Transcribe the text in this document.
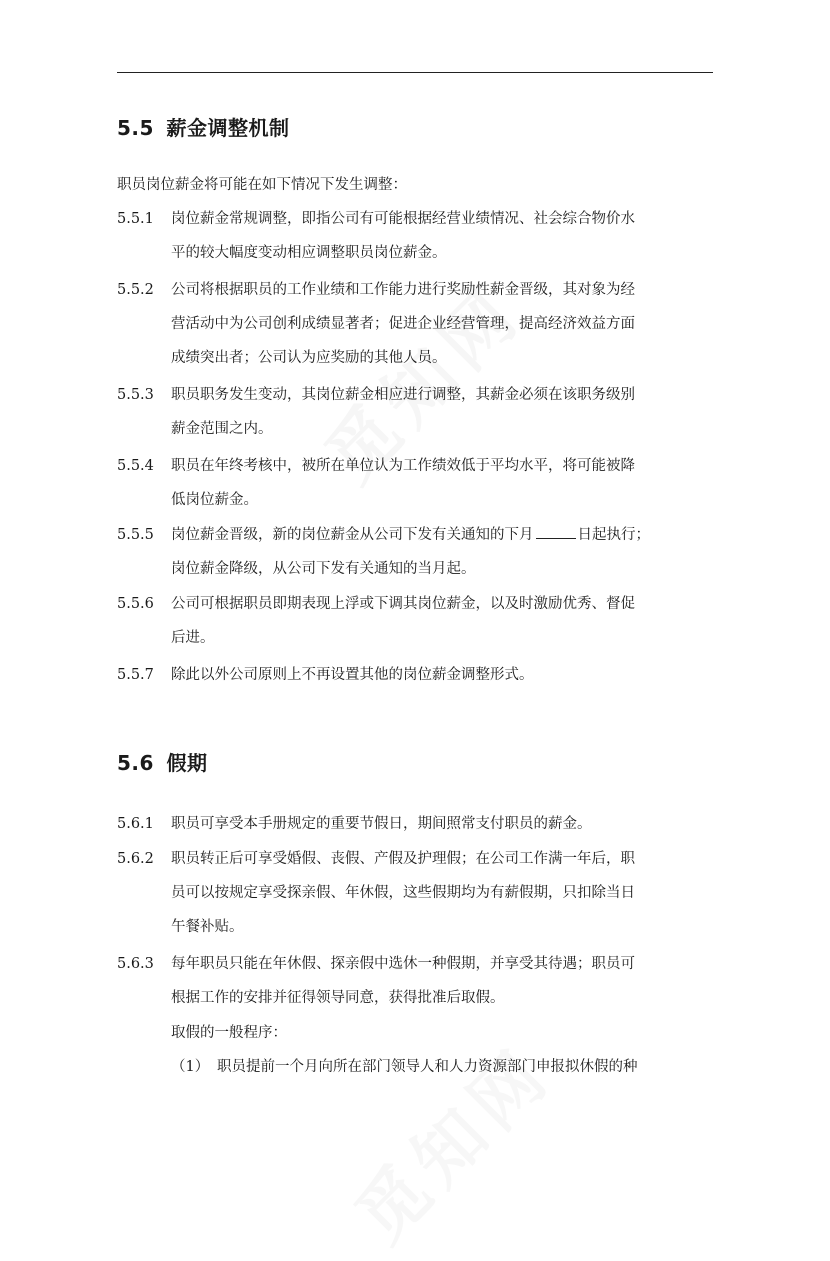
5.5 薪金调整机制
职员岗位薪金将可能在如下情况下发生调整：
5.5.1	岗位薪金常规调整，即指公司有可能根据经营业绩情况、社会综合物价水
平的较大幅度变动相应调整职员岗位薪金。
5.5.2	公司将根据职员的工作业绩和工作能力进行奖励性薪金晋级，其对象为经
营活动中为公司创利成绩显著者；促进企业经营管理，提高经济效益方面
成绩突出者；公司认为应奖励的其他人员。
5.5.3	职员职务发生变动，其岗位薪金相应进行调整，其薪金必须在该职务级别
薪金范围之内。
5.5.4	职员在年终考核中，被所在单位认为工作绩效低于平均水平，将可能被降
低岗位薪金。
5.5.5	岗位薪金晋级，新的岗位薪金从公司下发有关通知的下月	日起执行；
岗位薪金降级，从公司下发有关通知的当月起。
5.5.6	公司可根据职员即期表现上浮或下调其岗位薪金，以及时激励优秀、督促
后进。
5.5.7	除此以外公司原则上不再设置其他的岗位薪金调整形式。
5.6 假期
5.6.1	职员可享受本手册规定的重要节假日，期间照常支付职员的薪金。
5.6.2	职员转正后可享受婚假、丧假、产假及护理假；在公司工作满一年后，职
员可以按规定享受探亲假、年休假，这些假期均为有薪假期，只扣除当日
午餐补贴。
5.6.3	每年职员只能在年休假、探亲假中选休一种假期，并享受其待遇；职员可
根据工作的安排并征得领导同意，获得批准后取假。
取假的一般程序：
（1） 职员提前一个月向所在部门领导人和人力资源部门申报拟休假的种
